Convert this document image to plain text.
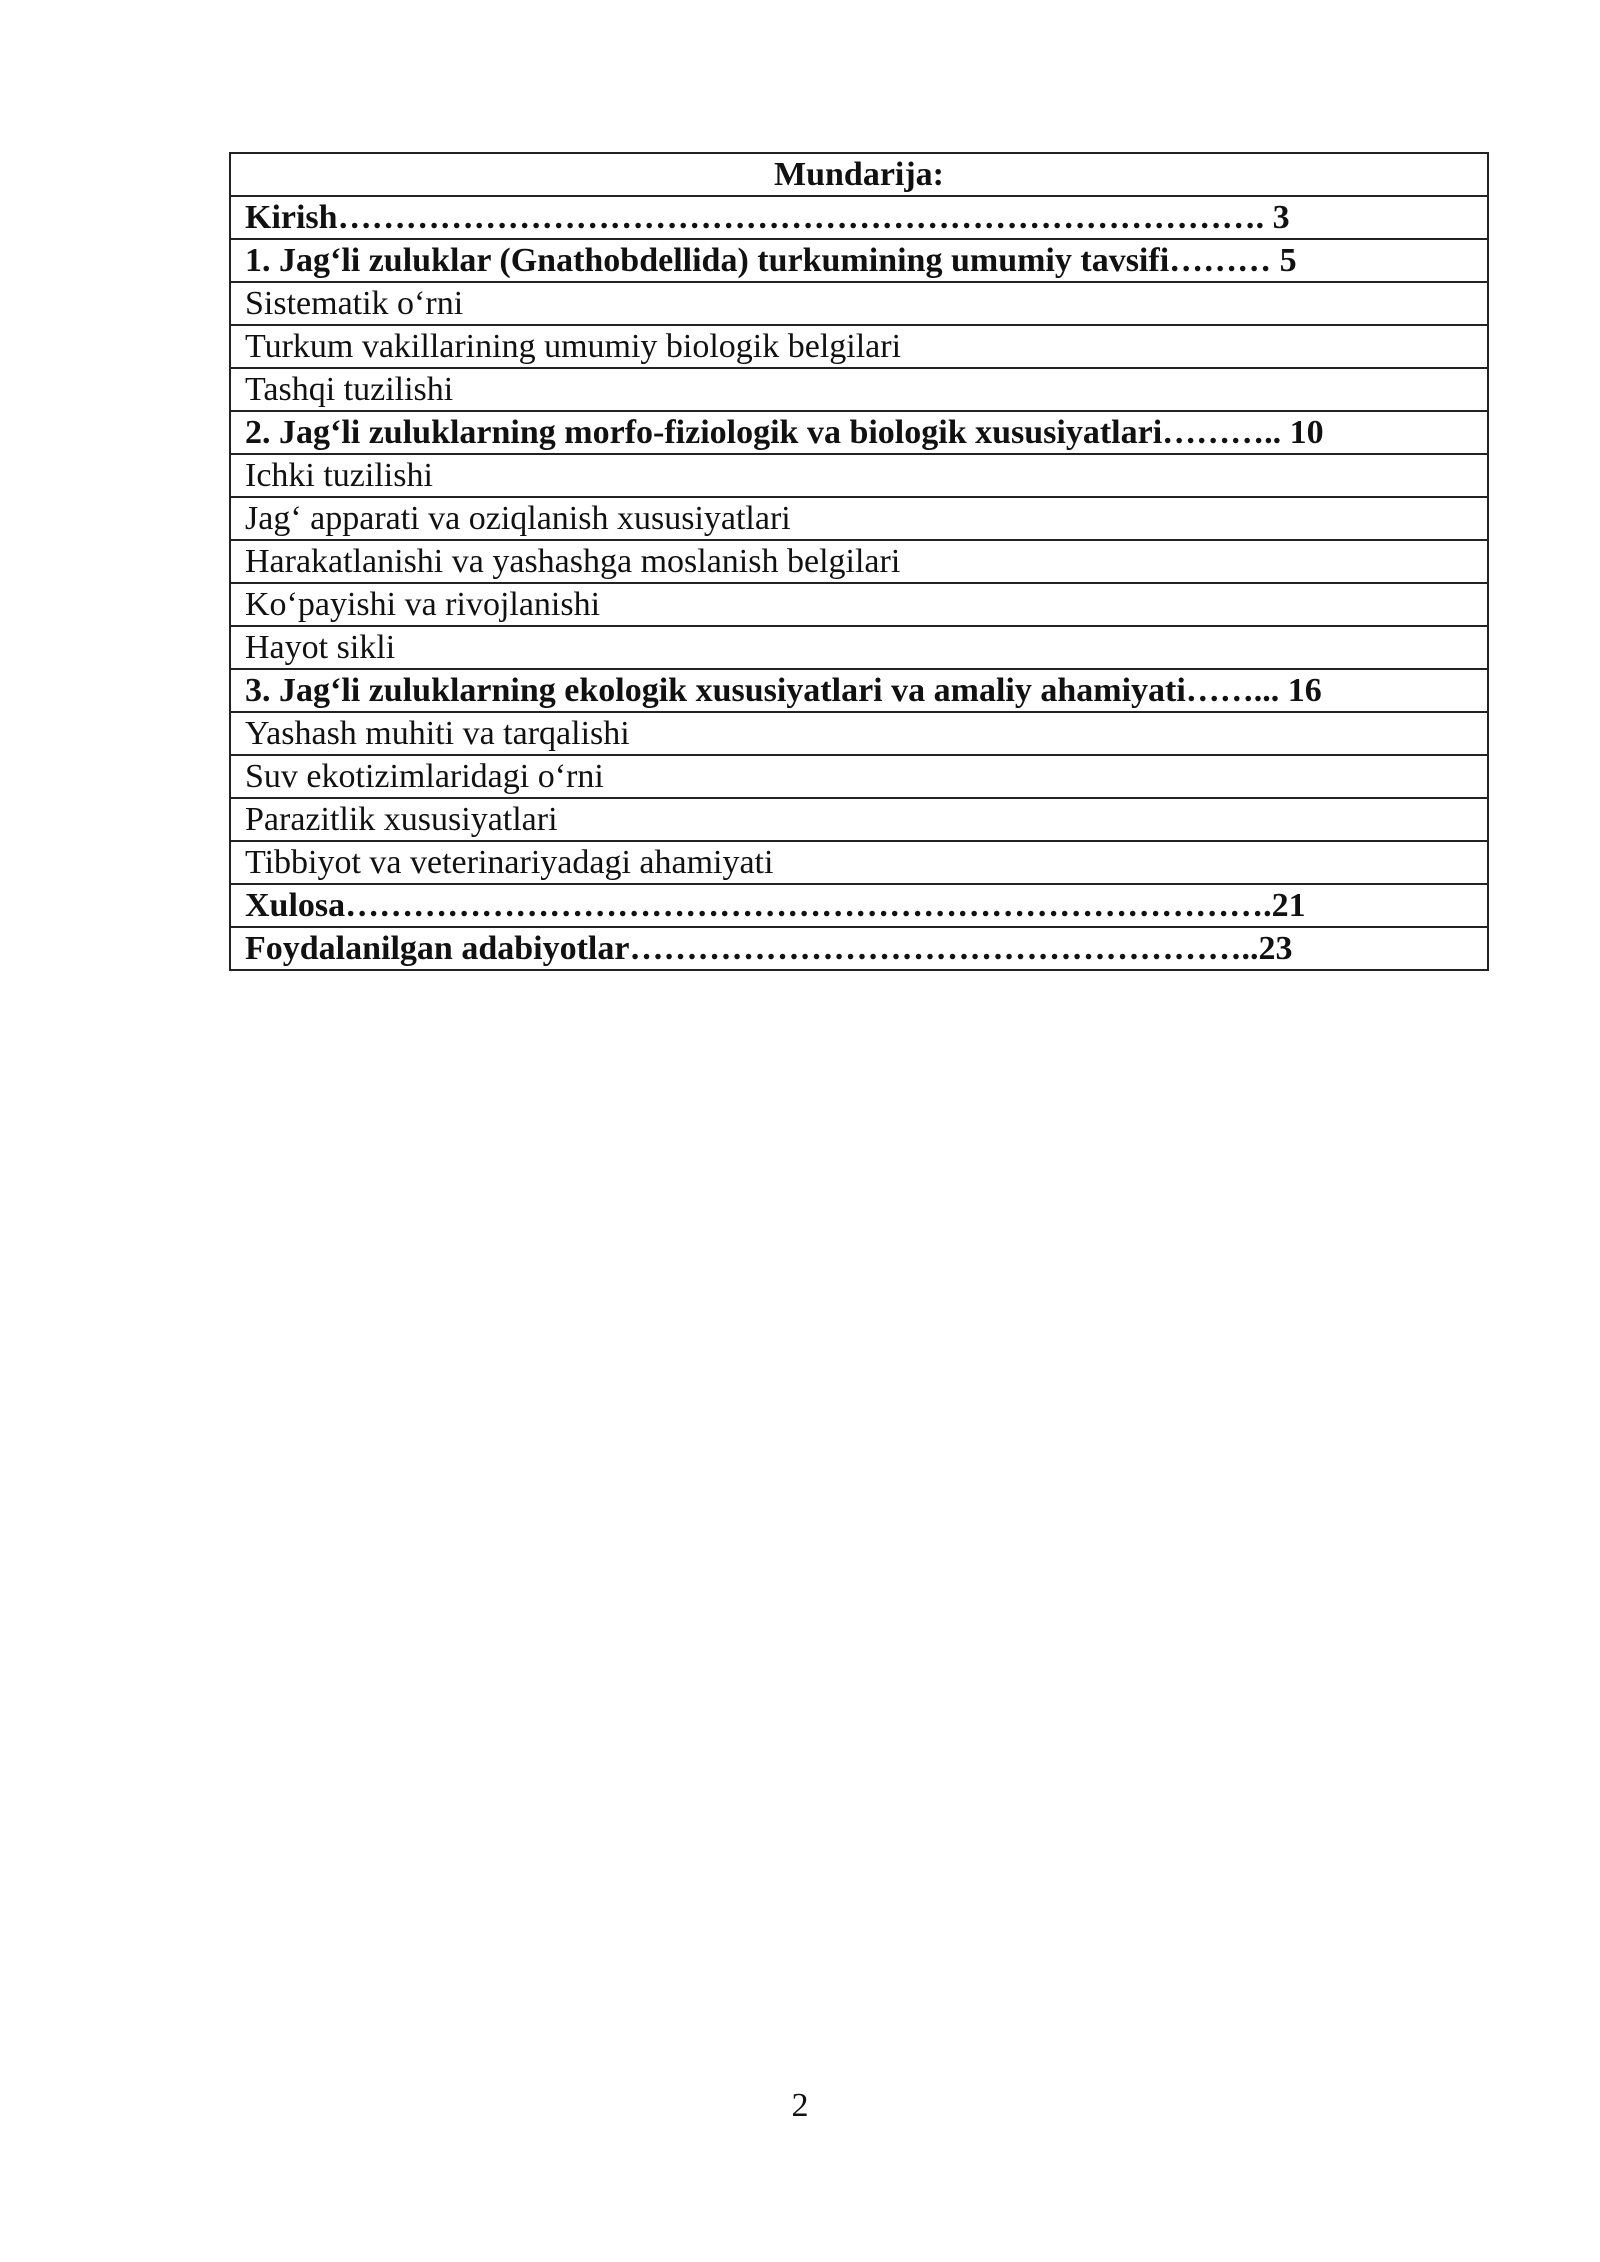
Mundarija:
Kirish………………………………………………………………………. 3
1. Jag‘li zuluklar (Gnathobdellida) turkumining umumiy tavsifi……… 5
Sistematik o‘rni
Turkum vakillarining umumiy biologik belgilari
Tashqi tuzilishi
2. Jag‘li zuluklarning morfo-fiziologik va biologik xususiyatlari……….. 10
Ichki tuzilishi
Jag‘ apparati va oziqlanish xususiyatlari
Harakatlanishi va yashashga moslanish belgilari
Ko‘payishi va rivojlanishi
Hayot sikli
3. Jag‘li zuluklarning ekologik xususiyatlari va amaliy ahamiyati……... 16
Yashash muhiti va tarqalishi
Suv ekotizimlaridagi o‘rni
Parazitlik xususiyatlari
Tibbiyot va veterinariyadagi ahamiyati
Xulosa……………………………………………………………………….21
Foydalanilgan adabiyotlar………………………………………………..23
2
